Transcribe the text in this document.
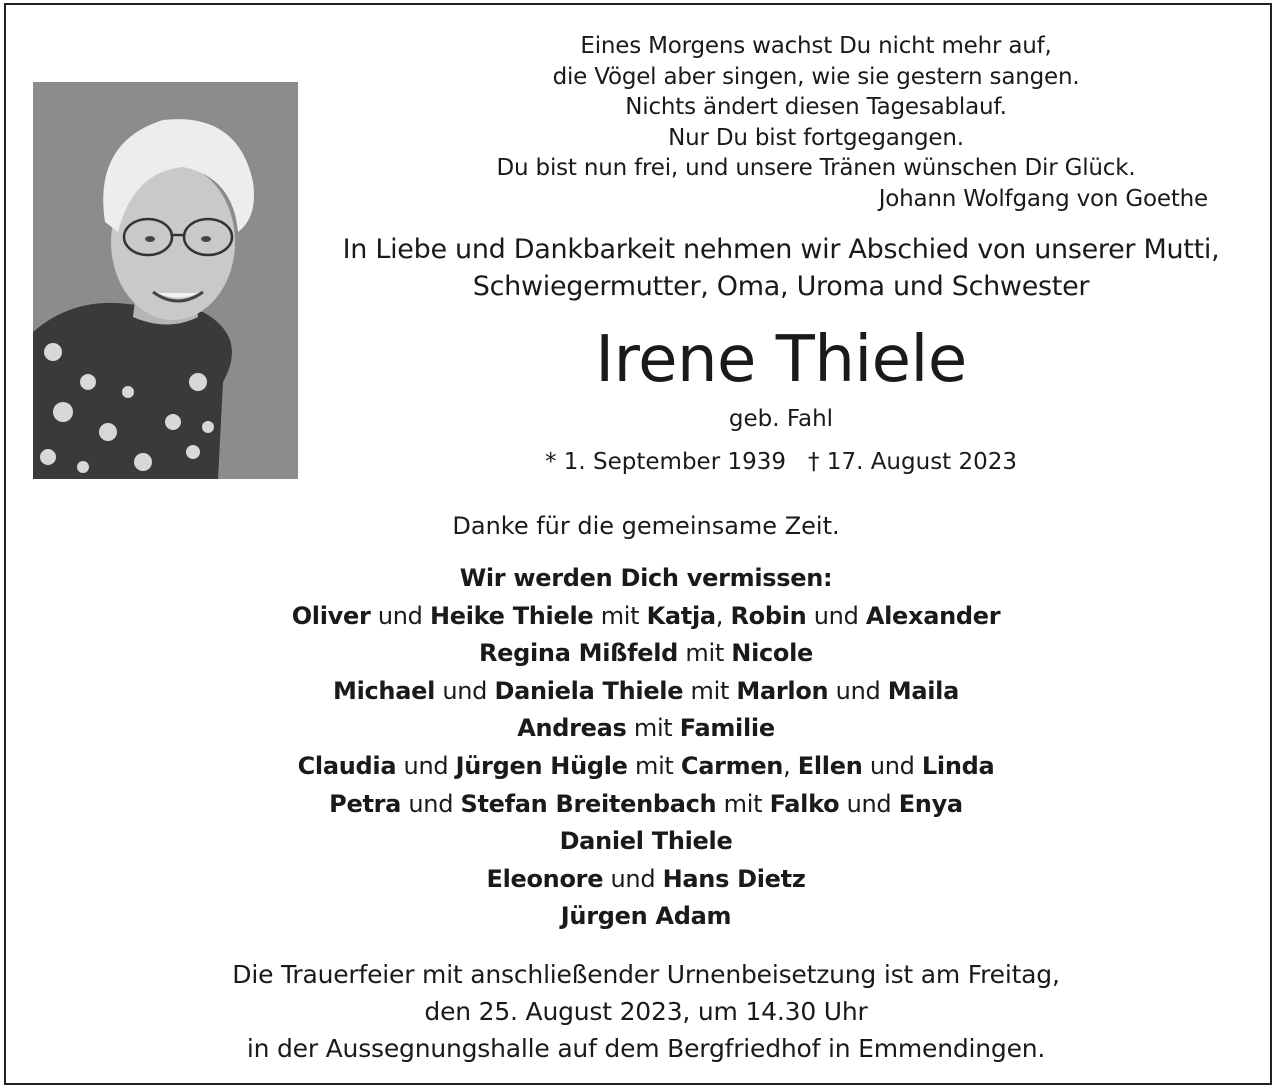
Eines Morgens wachst Du nicht mehr auf,
die Vögel aber singen, wie sie gestern sangen.
Nichts ändert diesen Tagesablauf.
Nur Du bist fortgegangen.
Du bist nun frei, und unsere Tränen wünschen Dir Glück.
Johann Wolfgang von Goethe
In Liebe und Dankbarkeit nehmen wir Abschied von unserer Mutti,
Schwiegermutter, Oma, Uroma und Schwester
Irene Thiele
geb. Fahl
* 1. September 1939 † 17. August 2023
Danke für die gemeinsame Zeit.
Wir werden Dich vermissen:
Oliver und Heike Thiele mit Katja, Robin und Alexander
Regina Mißfeld mit Nicole
Michael und Daniela Thiele mit Marlon und Maila
Andreas mit Familie
Claudia und Jürgen Hügle mit Carmen, Ellen und Linda
Petra und Stefan Breitenbach mit Falko und Enya
Daniel Thiele
Eleonore und Hans Dietz
Jürgen Adam
Die Trauerfeier mit anschließender Urnenbeisetzung ist am Freitag,
den 25. August 2023, um 14.30 Uhr
in der Aussegnungshalle auf dem Bergfriedhof in Emmendingen.
